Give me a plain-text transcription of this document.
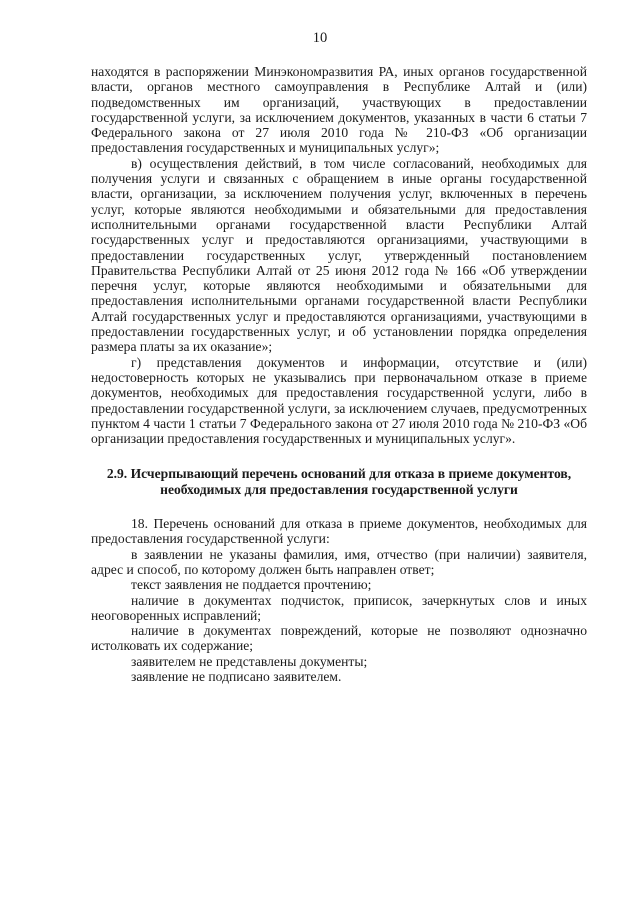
10

находятся в распоряжении Минэкономразвития РА, иных органов государственной власти, органов местного самоуправления в Республике Алтай и (или) подведомственных им организаций, участвующих в предоставлении государственной услуги, за исключением документов, указанных в части 6 статьи 7 Федерального закона от 27 июля 2010 года № 210-ФЗ «Об организации предоставления государственных и муниципальных услуг»;

в) осуществления действий, в том числе согласований, необходимых для получения услуги и связанных с обращением в иные органы государственной власти, организации, за исключением получения услуг, включенных в перечень услуг, которые являются необходимыми и обязательными для предоставления исполнительными органами государственной власти Республики Алтай государственных услуг и предоставляются организациями, участвующими в предоставлении государственных услуг, утвержденный постановлением Правительства Республики Алтай от 25 июня 2012 года № 166 «Об утверждении перечня услуг, которые являются необходимыми и обязательными для предоставления исполнительными органами государственной власти Республики Алтай государственных услуг и предоставляются организациями, участвующими в предоставлении государственных услуг, и об установлении порядка определения размера платы за их оказание»;

г) представления документов и информации, отсутствие и (или) недостоверность которых не указывались при первоначальном отказе в приеме документов, необходимых для предоставления государственной услуги, либо в предоставлении государственной услуги, за исключением случаев, предусмотренных пунктом 4 части 1 статьи 7 Федерального закона от 27 июля 2010 года № 210-ФЗ «Об организации предоставления государственных и муниципальных услуг».

2.9. Исчерпывающий перечень оснований для отказа в приеме документов, необходимых для предоставления государственной услуги

18. Перечень оснований для отказа в приеме документов, необходимых для предоставления государственной услуги:

в заявлении не указаны фамилия, имя, отчество (при наличии) заявителя, адрес и способ, по которому должен быть направлен ответ;

текст заявления не поддается прочтению;

наличие в документах подчисток, приписок, зачеркнутых слов и иных неоговоренных исправлений;

наличие в документах повреждений, которые не позволяют однозначно истолковать их содержание;

заявителем не представлены документы;

заявление не подписано заявителем.
